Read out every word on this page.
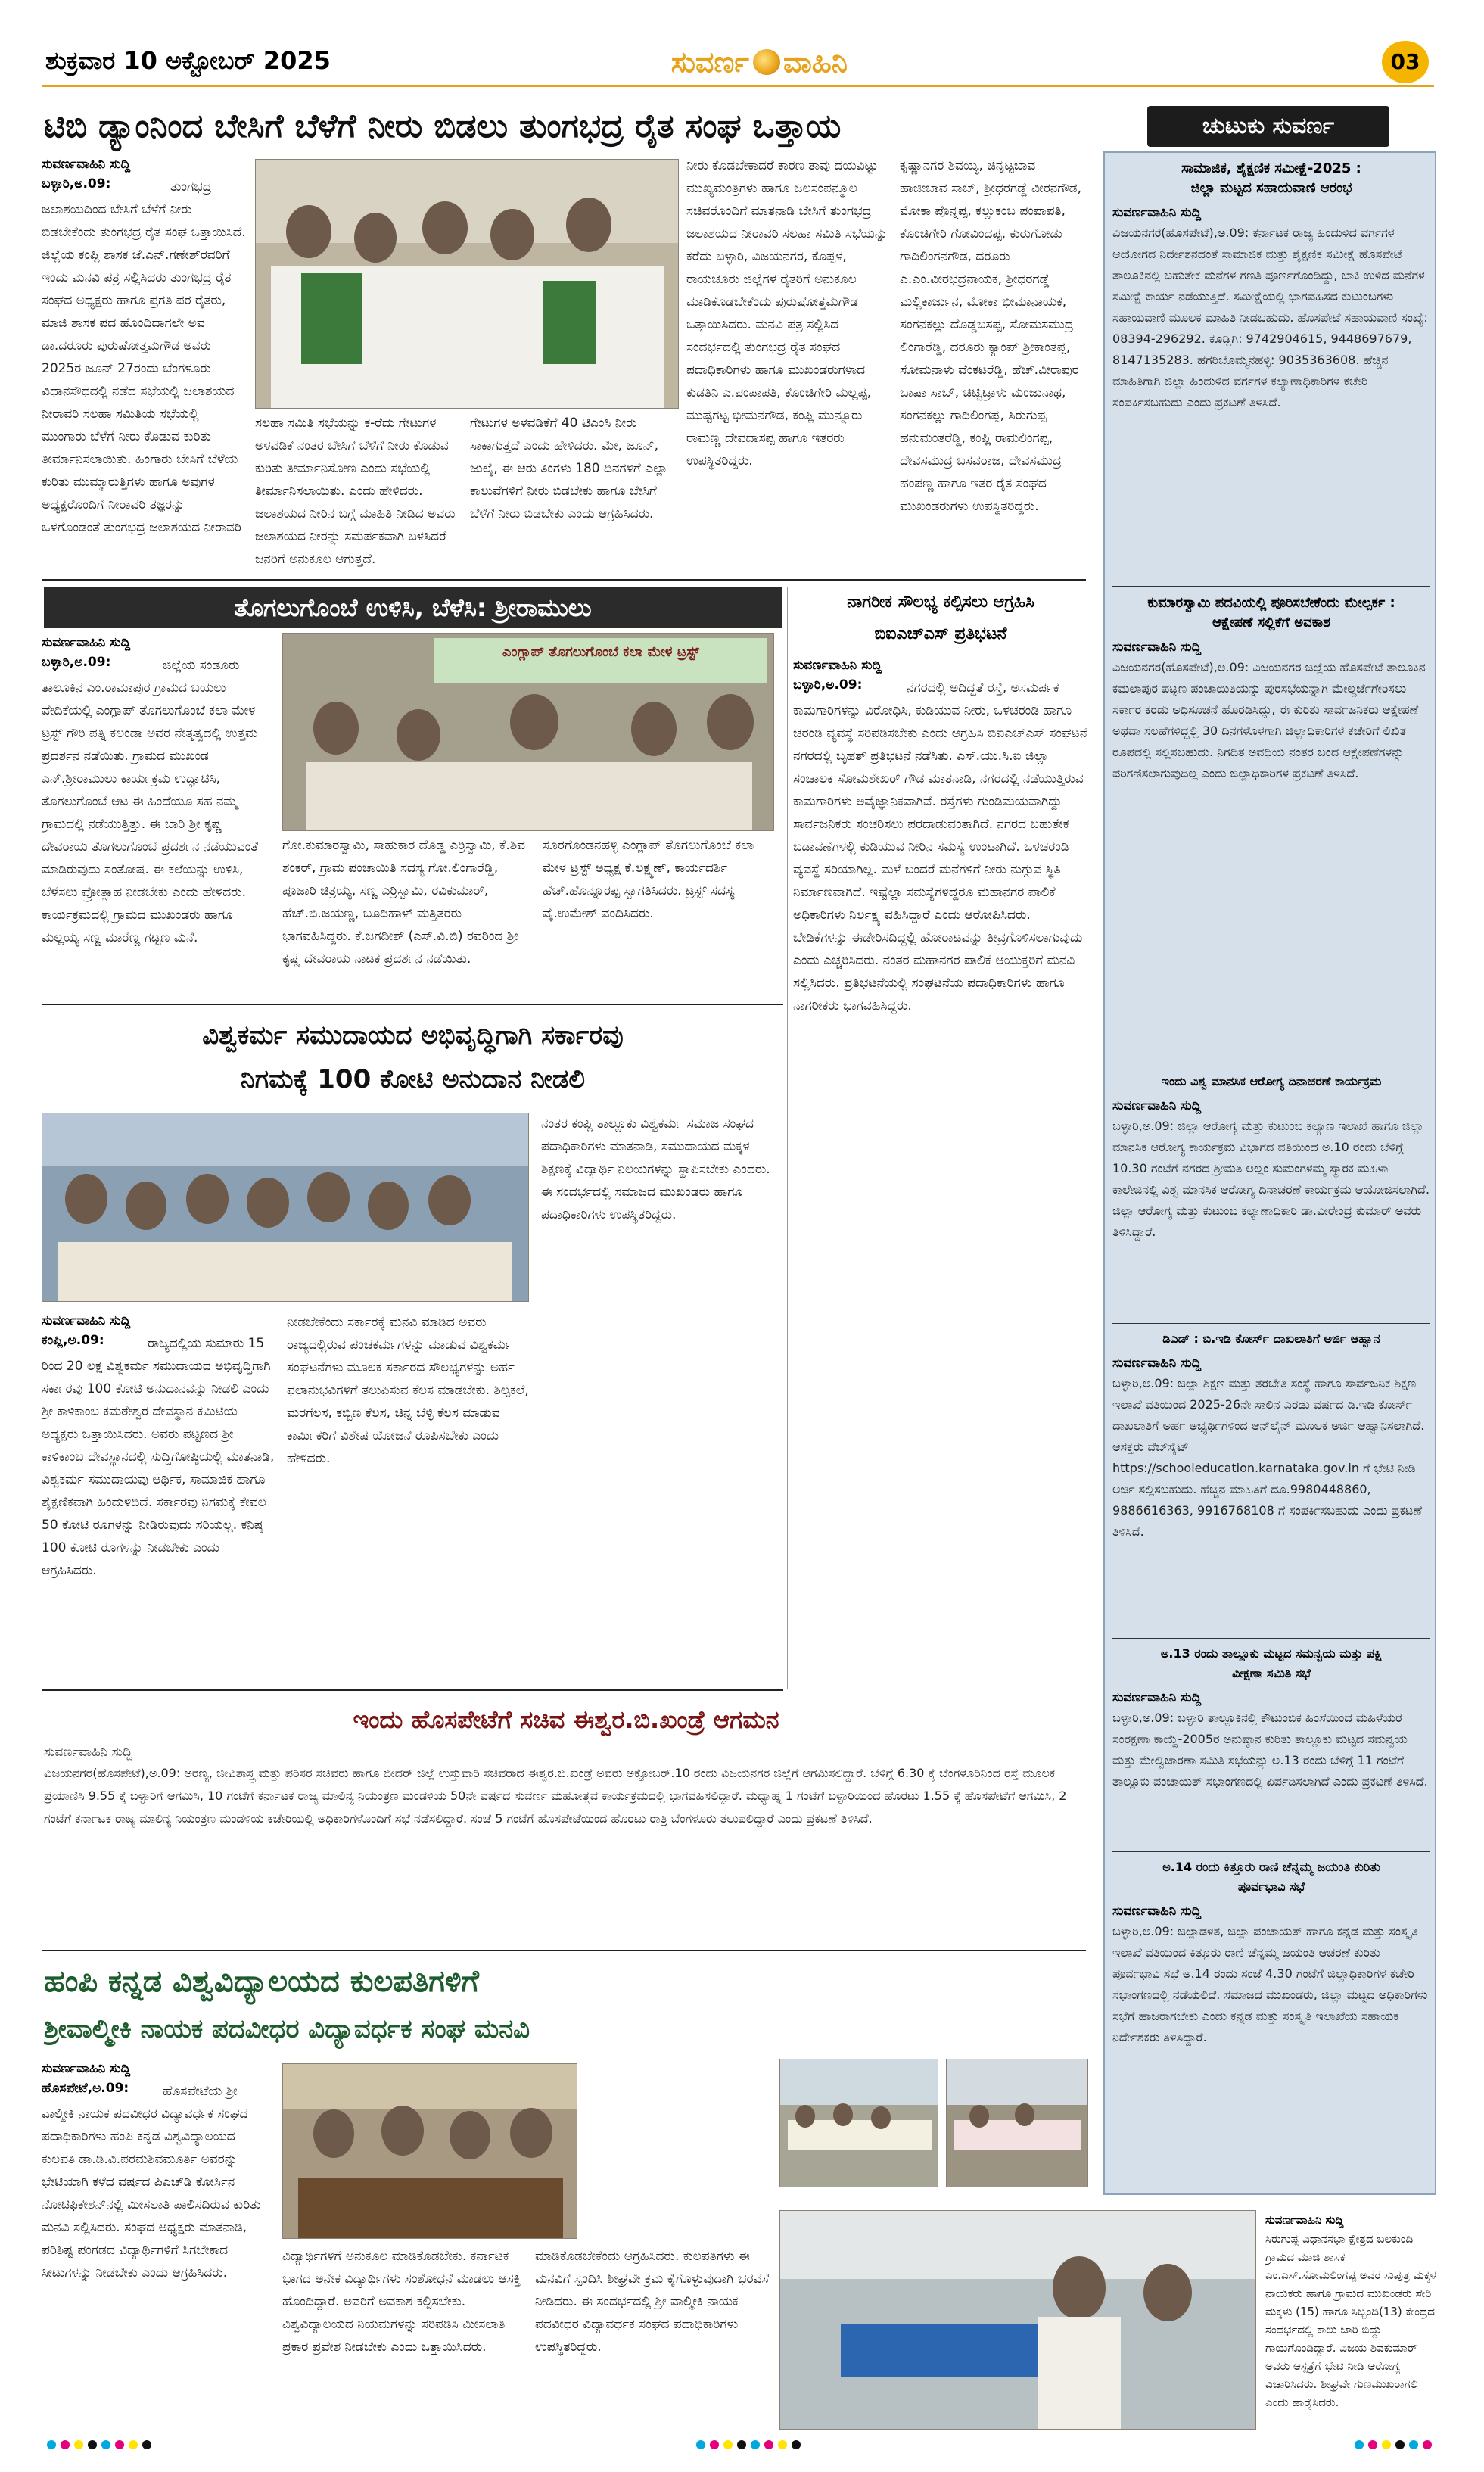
ಶುಕ್ರವಾರ 10 ಅಕ್ಟೋಬರ್ 2025	ಸುವರ್ಣ ವಾಹಿನಿ	03
ಟಿಬಿ ಡ್ಯಾಂನಿಂದ ಬೇಸಿಗೆ ಬೆಳೆಗೆ ನೀರು ಬಿಡಲು ತುಂಗಭದ್ರ ರೈತ ಸಂಘ ಒತ್ತಾಯ	ಚುಟುಕು ಸುವರ್ಣ
ಸುವರ್ಣವಾಹಿನಿ ಸುದ್ದಿ
ಬಳ್ಳಾರಿ,ಅ.09:	ತುಂಗಭದ್ರ ಜಲಾಶಯದಿಂದ ಬೇಸಿಗೆ ಬೆಳೆಗೆ ನೀರು ಬಿಡಬೇಕೆಂದು ತುಂಗಭದ್ರ ರೈತ ಸಂಘ ಒತ್ತಾಯಿಸಿದೆ. ಜಿಲ್ಲೆಯ ಕಂಪ್ಲಿ ಶಾಸಕ ಜೆ.ಎನ್.ಗಣೇಶ್‌ರವರಿಗೆ ಇಂದು ಮನವಿ ಪತ್ರ ಸಲ್ಲಿಸಿದರು ತುಂಗಭದ್ರ ರೈತ ಸಂಘದ ಅಧ್ಯಕ್ಷರು ಹಾಗೂ ಪ್ರಗತಿ ಪರ ರೈತರು, ಮಾಜಿ ಶಾಸಕ ಪದ ಹೊಂದಿದಾಗಲೇ ಅವ ಡಾ.ದರೂರು ಪುರುಷೋತ್ತಮಗೌಡ ಅವರು 2025ರ ಜೂನ್ 27ರಂದು ಬೆಂಗಳೂರು ವಿಧಾನಸೌಧದಲ್ಲಿ ನಡೆದ ಸಭೆಯಲ್ಲಿ ಜಲಾಶಯದ ನೀರಾವರಿ ಸಲಹಾ ಸಮಿತಿಯ ಸಭೆಯಲ್ಲಿ ಮುಂಗಾರು ಬೆಳೆಗೆ ನೀರು ಕೊಡುವ ಕುರಿತು ತೀರ್ಮಾನಿಸಲಾಯಿತು. ಹಿಂಗಾರು ಬೇಸಿಗೆ ಬೆಳೆಯ ಕುರಿತು ಮುಮ್ಮಾರುತ್ತಿಗಳು ಹಾಗೂ ಅವುಗಳ ಅಧ್ಯಕ್ಷರೊಂದಿಗೆ ನೀರಾವರಿ ತಜ್ಞರನ್ನು ಒಳಗೊಂಡಂತೆ ತುಂಗಭದ್ರ ಜಲಾಶಯದ ನೀರಾವರಿ
ಸಲಹಾ ಸಮಿತಿ ಸಭೆಯನ್ನು ಕ-ರೆದು ಗೇಟುಗಳ ಅಳವಡಿಕೆ ನಂತರ ಬೇಸಿಗೆ ಬೆಳೆಗೆ ನೀರು ಕೊಡುವ ಕುರಿತು ತೀರ್ಮಾನಿಸೋಣ ಎಂದು ಸಭೆಯಲ್ಲಿ ತೀರ್ಮಾನಿಸಲಾಯಿತು. ಎಂದು ಹೇಳಿದರು. ಜಲಾಶಯದ ನೀರಿನ ಬಗ್ಗೆ ಮಾಹಿತಿ ನೀಡಿದ ಅವರು ಜಲಾಶಯದ ನೀರನ್ನು ಸಮರ್ಪಕವಾಗಿ ಬಳಸಿದರೆ ಜನರಿಗೆ ಅನುಕೂಲ ಆಗುತ್ತದೆ.
ಗೇಟುಗಳ ಅಳವಡಿಕೆಗೆ 40 ಟಿಎಂಸಿ ನೀರು ಸಾಕಾಗುತ್ತದೆ ಎಂದು ಹೇಳಿದರು. ಮೇ, ಜೂನ್, ಜುಲೈ, ಈ ಆರು ತಿಂಗಳು 180 ದಿನಗಳಿಗೆ ಎಲ್ಲಾ ಕಾಲುವೆಗಳಿಗೆ ನೀರು ಬಿಡಬೇಕು ಹಾಗೂ ಬೇಸಿಗೆ ಬೆಳೆಗೆ ನೀರು ಬಿಡಬೇಕು ಎಂದು ಆಗ್ರಹಿಸಿದರು.
ನೀರು ಕೊಡಬೇಕಾದರೆ ಕಾರಣ ತಾವು ದಯವಿಟ್ಟು ಮುಖ್ಯಮಂತ್ರಿಗಳು ಹಾಗೂ ಜಲಸಂಪನ್ಮೂಲ ಸಚಿವರೊಂದಿಗೆ ಮಾತನಾಡಿ ಬೇಸಿಗೆ ತುಂಗಭದ್ರ ಜಲಾಶಯದ ನೀರಾವರಿ ಸಲಹಾ ಸಮಿತಿ ಸಭೆಯನ್ನು ಕರೆದು ಬಳ್ಳಾರಿ, ವಿಜಯನಗರ, ಕೊಪ್ಪಳ, ರಾಯಚೂರು ಜಿಲ್ಲೆಗಳ ರೈತರಿಗೆ ಅನುಕೂಲ ಮಾಡಿಕೊಡಬೇಕೆಂದು ಪುರುಷೋತ್ತಮಗೌಡ ಒತ್ತಾಯಿಸಿದರು. ಮನವಿ ಪತ್ರ ಸಲ್ಲಿಸಿದ ಸಂದರ್ಭದಲ್ಲಿ ತುಂಗಭದ್ರ ರೈತ ಸಂಘದ ಪದಾಧಿಕಾರಿಗಳು ಹಾಗೂ ಮುಖಂಡರುಗಳಾದ ಕುಡತಿನಿ ಎ.ಪಂಪಾಪತಿ, ಕೊಂಚಿಗೇರಿ ಮಲ್ಲಪ್ಪ, ಮುಷ್ಟಗಟ್ಟ ಭೀಮನಗೌಡ, ಕಂಪ್ಲಿ ಮುನ್ನೂರು ರಾಮಣ್ಣ ದೇವದಾಸಪ್ಪ ಹಾಗೂ ಇತರರು ಉಪಸ್ಥಿತರಿದ್ದರು.
ಕೃಷ್ಣಾನಗರ ಶಿವಯ್ಯ, ಚಿನ್ನಟ್ಟಬಾವ ಹಾಜೀಬಾವ ಸಾಬ್, ಶ್ರೀಧರಗಡ್ಡೆ ವೀರನಗೌಡ, ಮೋಕಾ ಪೊನ್ನಪ್ಪ, ಕಲ್ಲುಕಂಬ ಪಂಪಾಪತಿ, ಕೊಂಚಿಗೇರಿ ಗೋವಿಂದಪ್ಪ, ಕುರುಗೋಡು ಗಾದಿಲಿಂಗನಗೌಡ, ದರೂರು ಎ.ಎಂ.ವೀರಭದ್ರನಾಯಕ, ಶ್ರೀಧರಗಡ್ಡೆ ಮಲ್ಲಿಕಾರ್ಜುನ, ಮೋಕಾ ಭೀಮಾನಾಯಕ, ಸಂಗನಕಲ್ಲು ದೊಡ್ಡಬಸಪ್ಪ, ಸೋಮಸಮುದ್ರ ಲಿಂಗಾರೆಡ್ಡಿ, ದರೂರು ಕ್ಯಾಂಪ್ ಶ್ರೀಕಾಂತಪ್ಪ, ಸೋಮನಾಳು ವೆಂಕಟರೆಡ್ಡಿ, ಹೆಚ್.ವೀರಾಪುರ ಬಾಷಾ ಸಾಬ್, ಚಿಟ್ವಿಟ್ರಾಳು ಮಂಜುನಾಥ, ಸಂಗನಕಲ್ಲು ಗಾದಿಲಿಂಗಪ್ಪ, ಸಿರುಗುಪ್ಪ ಹನುಮಂತರೆಡ್ಡಿ, ಕಂಪ್ಲಿ ರಾಮಲಿಂಗಪ್ಪ, ದೇವಸಮುದ್ರ ಬಸವರಾಜ, ದೇವಸಮುದ್ರ ಹಂಪಣ್ಣ ಹಾಗೂ ಇತರ ರೈತ ಸಂಘದ ಮುಖಂಡರುಗಳು ಉಪಸ್ಥಿತರಿದ್ದರು.
ತೊಗಲುಗೊಂಬೆ ಉಳಿಸಿ, ಬೆಳೆಸಿ: ಶ್ರೀರಾಮುಲು
ಸುವರ್ಣವಾಹಿನಿ ಸುದ್ದಿ
ಬಳ್ಳಾರಿ,ಅ.09:	ಜಿಲ್ಲೆಯ ಸಂಡೂರು ತಾಲೂಕಿನ ಎಂ.ರಾಮಾಪುರ ಗ್ರಾಮದ ಬಯಲು ವೇದಿಕೆಯಲ್ಲಿ ಎಂಗ್ಲಾಪ್ ತೊಗಲುಗೊಂಬೆ ಕಲಾ ಮೇಳ ಟ್ರಸ್ಟ್ ಗೌರಿ ಪತ್ನಿ ಕಲಂಡಾ ಅವರ ನೇತೃತ್ವದಲ್ಲಿ ಉತ್ತಮ ಪ್ರದರ್ಶನ ನಡೆಯಿತು. ಗ್ರಾಮದ ಮುಖಂಡ ಎನ್.ಶ್ರೀರಾಮುಲು ಕಾರ್ಯಕ್ರಮ ಉದ್ಘಾಟಿಸಿ, ತೊಗಲುಗೊಂಬೆ ಆಟ ಈ ಹಿಂದೆಯೂ ಸಹ ನಮ್ಮ ಗ್ರಾಮದಲ್ಲಿ ನಡೆಯುತ್ತಿತ್ತು. ಈ ಬಾರಿ ಶ್ರೀ ಕೃಷ್ಣ ದೇವರಾಯ ತೊಗಲುಗೊಂಬೆ ಪ್ರದರ್ಶನ ನಡೆಯುವಂತೆ ಮಾಡಿರುವುದು ಸಂತೋಷ. ಈ ಕಲೆಯನ್ನು ಉಳಿಸಿ, ಬೆಳೆಸಲು ಪ್ರೋತ್ಸಾಹ ನೀಡಬೇಕು ಎಂದು ಹೇಳಿದರು. ಕಾರ್ಯಕ್ರಮದಲ್ಲಿ ಗ್ರಾಮದ ಮುಖಂಡರು ಹಾಗೂ ಮಲ್ಲಯ್ಯ ಸಣ್ಣ ಮಾರೆಣ್ಣ ಗಟ್ಟಣ ಮನೆ.
ಎಂಗ್ಲಾಪ್ ತೊಗಲುಗೊಂಬೆ ಕಲಾ ಮೇಳ ಟ್ರಸ್ಟ್
ಗೋ.ಕುಮಾರಸ್ವಾಮಿ, ಸಾಹುಕಾರ ದೊಡ್ಡ ಎರ್ರಿಸ್ವಾಮಿ, ಕೆ.ಶಿವ ಶಂಕರ್, ಗ್ರಾಮ ಪಂಚಾಯಿತಿ ಸದಸ್ಯ ಗೋ.ಲಿಂಗಾರೆಡ್ಡಿ, ಪೂಜಾರಿ ಚಿತ್ರಯ್ಯ, ಸಣ್ಣ ಎರ್ರಿಸ್ವಾಮಿ, ರವಿಕುಮಾರ್, ಹೆಚ್.ಬಿ.ಜಯಣ್ಣ, ಬೂದಿಹಾಳ್ ಮತ್ತಿತರರು ಭಾಗವಹಿಸಿದ್ದರು. ಕೆ.ಜಗದೀಶ್ (ಎಸ್.ವಿ.ಬಿ) ರವರಿಂದ ಶ್ರೀ ಕೃಷ್ಣ ದೇವರಾಯ ನಾಟಕ ಪ್ರದರ್ಶನ ನಡೆಯಿತು.
ಸೂರಗೊಂಡನಹಳ್ಳಿ ಎಂಗ್ಲಾಪ್ ತೊಗಲುಗೊಂಬೆ ಕಲಾ ಮೇಳ ಟ್ರಸ್ಟ್ ಅಧ್ಯಕ್ಷ ಕೆ.ಲಕ್ಷ್ಮಣ್, ಕಾರ್ಯದರ್ಶಿ ಹೆಚ್.ಹೊನ್ನೂರಪ್ಪ ಸ್ವಾಗತಿಸಿದರು. ಟ್ರಸ್ಟ್ ಸದಸ್ಯ ವೈ.ಉಮೇಶ್ ವಂದಿಸಿದರು.
ವಿಶ್ವಕರ್ಮ ಸಮುದಾಯದ ಅಭಿವೃದ್ಧಿಗಾಗಿ ಸರ್ಕಾರವು
ನಿಗಮಕ್ಕೆ 100 ಕೋಟಿ ಅನುದಾನ ನೀಡಲಿ
ಸುವರ್ಣವಾಹಿನಿ ಸುದ್ದಿ
ಕಂಪ್ಲಿ,ಅ.09:	ರಾಜ್ಯದಲ್ಲಿಯ ಸುಮಾರು 15 ರಿಂದ 20 ಲಕ್ಷ ವಿಶ್ವಕರ್ಮ ಸಮುದಾಯದ ಅಭಿವೃದ್ಧಿಗಾಗಿ ಸರ್ಕಾರವು 100 ಕೋಟಿ ಅನುದಾನವನ್ನು ನೀಡಲಿ ಎಂದು ಶ್ರೀ ಕಾಳಿಕಾಂಬ ಕಮಠೇಶ್ವರ ದೇವಸ್ಥಾನ ಕಮಿಟಿಯ ಅಧ್ಯಕ್ಷರು ಒತ್ತಾಯಿಸಿದರು. ಅವರು ಪಟ್ಟಣದ ಶ್ರೀ ಕಾಳಿಕಾಂಬ ದೇವಸ್ಥಾನದಲ್ಲಿ ಸುದ್ದಿಗೋಷ್ಠಿಯಲ್ಲಿ ಮಾತನಾಡಿ, ವಿಶ್ವಕರ್ಮ ಸಮುದಾಯವು ಆರ್ಥಿಕ, ಸಾಮಾಜಿಕ ಹಾಗೂ ಶೈಕ್ಷಣಿಕವಾಗಿ ಹಿಂದುಳಿದಿದೆ. ಸರ್ಕಾರವು ನಿಗಮಕ್ಕೆ ಕೇವಲ 50 ಕೋಟಿ ರೂಗಳನ್ನು ನೀಡಿರುವುದು ಸರಿಯಲ್ಲ. ಕನಿಷ್ಠ 100 ಕೋಟಿ ರೂಗಳನ್ನು ನೀಡಬೇಕು ಎಂದು ಆಗ್ರಹಿಸಿದರು.
ನೀಡಬೇಕೆಂದು ಸರ್ಕಾರಕ್ಕೆ ಮನವಿ ಮಾಡಿದ ಅವರು ರಾಜ್ಯದಲ್ಲಿರುವ ಪಂಚಕರ್ಮಗಳನ್ನು ಮಾಡುವ ವಿಶ್ವಕರ್ಮ ಸಂಘಟನೆಗಳು ಮೂಲಕ ಸರ್ಕಾರದ ಸೌಲಭ್ಯಗಳನ್ನು ಅರ್ಹ ಫಲಾನುಭವಿಗಳಿಗೆ ತಲುಪಿಸುವ ಕೆಲಸ ಮಾಡಬೇಕು. ಶಿಲ್ಪಕಲೆ, ಮರಗೆಲಸ, ಕಬ್ಬಿಣ ಕೆಲಸ, ಚಿನ್ನ ಬೆಳ್ಳಿ ಕೆಲಸ ಮಾಡುವ ಕಾರ್ಮಿಕರಿಗೆ ವಿಶೇಷ ಯೋಜನೆ ರೂಪಿಸಬೇಕು ಎಂದು ಹೇಳಿದರು.
ನಂತರ ಕಂಪ್ಲಿ ತಾಲ್ಲೂಕು ವಿಶ್ವಕರ್ಮ ಸಮಾಜ ಸಂಘದ ಪದಾಧಿಕಾರಿಗಳು ಮಾತನಾಡಿ, ಸಮುದಾಯದ ಮಕ್ಕಳ ಶಿಕ್ಷಣಕ್ಕೆ ವಿದ್ಯಾರ್ಥಿ ನಿಲಯಗಳನ್ನು ಸ್ಥಾಪಿಸಬೇಕು ಎಂದರು. ಈ ಸಂದರ್ಭದಲ್ಲಿ ಸಮಾಜದ ಮುಖಂಡರು ಹಾಗೂ ಪದಾಧಿಕಾರಿಗಳು ಉಪಸ್ಥಿತರಿದ್ದರು.
ಇಂದು ಹೊಸಪೇಟೆಗೆ ಸಚಿವ ಈಶ್ವರ.ಬಿ.ಖಂಡ್ರೆ ಆಗಮನ
ಸುವರ್ಣವಾಹಿನಿ ಸುದ್ದಿ
ವಿಜಯನಗರ(ಹೊಸಪೇಟೆ),ಅ.09: ಅರಣ್ಯ, ಜೀವಿಶಾಸ್ತ್ರ ಮತ್ತು ಪರಿಸರ ಸಚಿವರು ಹಾಗೂ ಬೀದರ್ ಜಿಲ್ಲೆ ಉಸ್ತುವಾರಿ ಸಚಿವರಾದ ಈಶ್ವರ.ಬಿ.ಖಂಡ್ರೆ ಅವರು ಅಕ್ಟೋಬರ್.10 ರಂದು ವಿಜಯನಗರ ಜಿಲ್ಲೆಗೆ ಆಗಮಿಸಲಿದ್ದಾರೆ. ಬೆಳಿಗ್ಗೆ 6.30 ಕ್ಕೆ ಬೆಂಗಳೂರಿನಿಂದ ರಸ್ತೆ ಮೂಲಕ ಪ್ರಯಾಣಿಸಿ 9.55 ಕ್ಕೆ ಬಳ್ಳಾರಿಗೆ ಆಗಮಿಸಿ, 10 ಗಂಟೆಗೆ ಕರ್ನಾಟಕ ರಾಜ್ಯ ಮಾಲಿನ್ಯ ನಿಯಂತ್ರಣ ಮಂಡಳಿಯ 50ನೇ ವರ್ಷದ ಸುವರ್ಣ ಮಹೋತ್ಸವ ಕಾರ್ಯಕ್ರಮದಲ್ಲಿ ಭಾಗವಹಿಸಲಿದ್ದಾರೆ. ಮಧ್ಯಾಹ್ನ 1 ಗಂಟೆಗೆ ಬಳ್ಳಾರಿಯಿಂದ ಹೊರಟು 1.55 ಕ್ಕೆ ಹೊಸಪೇಟೆಗೆ ಆಗಮಿಸಿ, 2 ಗಂಟೆಗೆ ಕರ್ನಾಟಕ ರಾಜ್ಯ ಮಾಲಿನ್ಯ ನಿಯಂತ್ರಣ ಮಂಡಳಿಯ ಕಚೇರಿಯಲ್ಲಿ ಅಧಿಕಾರಿಗಳೊಂದಿಗೆ ಸಭೆ ನಡೆಸಲಿದ್ದಾರೆ. ಸಂಜೆ 5 ಗಂಟೆಗೆ ಹೊಸಪೇಟೆಯಿಂದ ಹೊರಟು ರಾತ್ರಿ ಬೆಂಗಳೂರು ತಲುಪಲಿದ್ದಾರೆ ಎಂದು ಪ್ರಕಟಣೆ ತಿಳಿಸಿದೆ.
ಹಂಪಿ ಕನ್ನಡ ವಿಶ್ವವಿದ್ಯಾಲಯದ ಕುಲಪತಿಗಳಿಗೆ
ಶ್ರೀವಾಲ್ಮೀಕಿ ನಾಯಕ ಪದವೀಧರ ವಿದ್ಯಾವರ್ಧಕ ಸಂಘ ಮನವಿ
ಸುವರ್ಣವಾಹಿನಿ ಸುದ್ದಿ
ಹೊಸಪೇಟೆ,ಅ.09:	ಹೊಸಪೇಟೆಯ ಶ್ರೀ ವಾಲ್ಮೀಕಿ ನಾಯಕ ಪದವೀಧರ ವಿದ್ಯಾವರ್ಧಕ ಸಂಘದ ಪದಾಧಿಕಾರಿಗಳು ಹಂಪಿ ಕನ್ನಡ ವಿಶ್ವವಿದ್ಯಾಲಯದ ಕುಲಪತಿ ಡಾ.ಡಿ.ವಿ.ಪರಮಶಿವಮೂರ್ತಿ ಅವರನ್ನು ಭೇಟಿಯಾಗಿ ಕಳೆದ ವರ್ಷದ ಪಿಎಚ್‌ಡಿ ಕೋರ್ಸಿನ ನೋಟಿಫಿಕೇಶನ್‌ನಲ್ಲಿ ಮೀಸಲಾತಿ ಪಾಲಿಸದಿರುವ ಕುರಿತು ಮನವಿ ಸಲ್ಲಿಸಿದರು. ಸಂಘದ ಅಧ್ಯಕ್ಷರು ಮಾತನಾಡಿ, ಪರಿಶಿಷ್ಟ ಪಂಗಡದ ವಿದ್ಯಾರ್ಥಿಗಳಿಗೆ ಸಿಗಬೇಕಾದ ಸೀಟುಗಳನ್ನು ನೀಡಬೇಕು ಎಂದು ಆಗ್ರಹಿಸಿದರು.
ವಿದ್ಯಾರ್ಥಿಗಳಿಗೆ ಅನುಕೂಲ ಮಾಡಿಕೊಡಬೇಕು. ಕರ್ನಾಟಕ ಭಾಗದ ಅನೇಕ ವಿದ್ಯಾರ್ಥಿಗಳು ಸಂಶೋಧನೆ ಮಾಡಲು ಆಸಕ್ತಿ ಹೊಂದಿದ್ದಾರೆ. ಅವರಿಗೆ ಅವಕಾಶ ಕಲ್ಪಿಸಬೇಕು. ವಿಶ್ವವಿದ್ಯಾಲಯದ ನಿಯಮಗಳನ್ನು ಸರಿಪಡಿಸಿ ಮೀಸಲಾತಿ ಪ್ರಕಾರ ಪ್ರವೇಶ ನೀಡಬೇಕು ಎಂದು ಒತ್ತಾಯಿಸಿದರು.
ಮಾಡಿಕೊಡಬೇಕೆಂದು ಆಗ್ರಹಿಸಿದರು. ಕುಲಪತಿಗಳು ಈ ಮನವಿಗೆ ಸ್ಪಂದಿಸಿ ಶೀಘ್ರವೇ ಕ್ರಮ ಕೈಗೊಳ್ಳುವುದಾಗಿ ಭರವಸೆ ನೀಡಿದರು. ಈ ಸಂದರ್ಭದಲ್ಲಿ ಶ್ರೀ ವಾಲ್ಮೀಕಿ ನಾಯಕ ಪದವೀಧರ ವಿದ್ಯಾವರ್ಧಕ ಸಂಘದ ಪದಾಧಿಕಾರಿಗಳು ಉಪಸ್ಥಿತರಿದ್ದರು.
ನಾಗರೀಕ ಸೌಲಭ್ಯ ಕಲ್ಪಿಸಲು ಆಗ್ರಹಿಸಿ
ಬಿಐಎಚ್‌ಎಸ್ ಪ್ರತಿಭಟನೆ
ಸುವರ್ಣವಾಹಿನಿ ಸುದ್ದಿ
ಬಳ್ಳಾರಿ,ಅ.09:	ನಗರದಲ್ಲಿ ಅದಿದ್ದತೆ ರಸ್ತೆ, ಅಸಮರ್ಪಕ ಕಾಮಗಾರಿಗಳನ್ನು ವಿರೋಧಿಸಿ, ಕುಡಿಯುವ ನೀರು, ಒಳಚರಂಡಿ ಹಾಗೂ ಚರಂಡಿ ವ್ಯವಸ್ಥೆ ಸರಿಪಡಿಸಬೇಕು ಎಂದು ಆಗ್ರಹಿಸಿ ಬಿಐಎಚ್‌ಎಸ್ ಸಂಘಟನೆ ನಗರದಲ್ಲಿ ಬೃಹತ್ ಪ್ರತಿಭಟನೆ ನಡೆಸಿತು. ಎಸ್.ಯು.ಸಿ.ಐ ಜಿಲ್ಲಾ ಸಂಚಾಲಕ ಸೋಮಶೇಖರ್ ಗೌಡ ಮಾತನಾಡಿ, ನಗರದಲ್ಲಿ ನಡೆಯುತ್ತಿರುವ ಕಾಮಗಾರಿಗಳು ಅವೈಜ್ಞಾನಿಕವಾಗಿವೆ. ರಸ್ತೆಗಳು ಗುಂಡಿಮಯವಾಗಿದ್ದು ಸಾರ್ವಜನಿಕರು ಸಂಚರಿಸಲು ಪರದಾಡುವಂತಾಗಿದೆ. ನಗರದ ಬಹುತೇಕ ಬಡಾವಣೆಗಳಲ್ಲಿ ಕುಡಿಯುವ ನೀರಿನ ಸಮಸ್ಯೆ ಉಂಟಾಗಿದೆ. ಒಳಚರಂಡಿ ವ್ಯವಸ್ಥೆ ಸರಿಯಾಗಿಲ್ಲ. ಮಳೆ ಬಂದರೆ ಮನೆಗಳಿಗೆ ನೀರು ನುಗ್ಗುವ ಸ್ಥಿತಿ ನಿರ್ಮಾಣವಾಗಿದೆ. ಇಷ್ಟೆಲ್ಲಾ ಸಮಸ್ಯೆಗಳಿದ್ದರೂ ಮಹಾನಗರ ಪಾಲಿಕೆ ಅಧಿಕಾರಿಗಳು ನಿರ್ಲಕ್ಷ್ಯ ವಹಿಸಿದ್ದಾರೆ ಎಂದು ಆರೋಪಿಸಿದರು. ಬೇಡಿಕೆಗಳನ್ನು ಈಡೇರಿಸದಿದ್ದಲ್ಲಿ ಹೋರಾಟವನ್ನು ತೀವ್ರಗೊಳಿಸಲಾಗುವುದು ಎಂದು ಎಚ್ಚರಿಸಿದರು. ನಂತರ ಮಹಾನಗರ ಪಾಲಿಕೆ ಆಯುಕ್ತರಿಗೆ ಮನವಿ ಸಲ್ಲಿಸಿದರು. ಪ್ರತಿಭಟನೆಯಲ್ಲಿ ಸಂಘಟನೆಯ ಪದಾಧಿಕಾರಿಗಳು ಹಾಗೂ ನಾಗರೀಕರು ಭಾಗವಹಿಸಿದ್ದರು.
ಸುವರ್ಣವಾಹಿನಿ ಸುದ್ದಿ
ಸಿರುಗುಪ್ಪ ವಿಧಾನಸಭಾ ಕ್ಷೇತ್ರದ ಬಲಕುಂದಿ ಗ್ರಾಮದ ಮಾಜಿ ಶಾಸಕ ಎಂ.ಎಸ್.ಸೋಮಲಿಂಗಪ್ಪ ಅವರ ಸುಪುತ್ರ ಮಕ್ಕಳ ನಾಯಕರು ಹಾಗೂ ಗ್ರಾಮದ ಮುಖಂಡರು ಸೇರಿ ಮಕ್ಕಳು (15) ಹಾಗೂ ಸಿಬ್ಬಂದಿ(13) ಕೇಂದ್ರದ ಸಂದರ್ಭದಲ್ಲಿ ಕಾಲು ಜಾರಿ ಬಿದ್ದು ಗಾಯಗೊಂಡಿದ್ದಾರೆ. ವಿಜಯ ಶಿವಕುಮಾರ್ ಅವರು ಆಸ್ಪತ್ರೆಗೆ ಭೇಟಿ ನೀಡಿ ಆರೋಗ್ಯ ವಿಚಾರಿಸಿದರು. ಶೀಘ್ರವೇ ಗುಣಮುಖರಾಗಲಿ ಎಂದು ಹಾರೈಸಿದರು.
ಸಾಮಾಜಿಕ, ಶೈಕ್ಷಣಿಕ ಸಮೀಕ್ಷೆ-2025 :
ಜಿಲ್ಲಾ ಮಟ್ಟದ ಸಹಾಯವಾಣಿ ಆರಂಭ
ಸುವರ್ಣವಾಹಿನಿ ಸುದ್ದಿ
ವಿಜಯನಗರ(ಹೊಸಪೇಟೆ),ಅ.09: ಕರ್ನಾಟಕ ರಾಜ್ಯ ಹಿಂದುಳಿದ ವರ್ಗಗಳ ಆಯೋಗದ ನಿರ್ದೇಶನದಂತೆ ಸಾಮಾಜಿಕ ಮತ್ತು ಶೈಕ್ಷಣಿಕ ಸಮೀಕ್ಷೆ ಹೊಸಪೇಟೆ ತಾಲೂಕಿನಲ್ಲಿ ಬಹುತೇಕ ಮನೆಗಳ ಗಣತಿ ಪೂರ್ಣಗೊಂಡಿದ್ದು, ಬಾಕಿ ಉಳಿದ ಮನೆಗಳ ಸಮೀಕ್ಷೆ ಕಾರ್ಯ ನಡೆಯುತ್ತಿದೆ. ಸಮೀಕ್ಷೆಯಲ್ಲಿ ಭಾಗವಹಿಸದ ಕುಟುಂಬಗಳು ಸಹಾಯವಾಣಿ ಮೂಲಕ ಮಾಹಿತಿ ನೀಡಬಹುದು. ಹೊಸಪೇಟೆ ಸಹಾಯವಾಣಿ ಸಂಖ್ಯೆ: 08394-296292. ಕೂಡ್ಲಿಗಿ: 9742904615, 9448697679, 8147135283. ಹಗರಿಬೊಮ್ಮನಹಳ್ಳಿ: 9035363608. ಹೆಚ್ಚಿನ ಮಾಹಿತಿಗಾಗಿ ಜಿಲ್ಲಾ ಹಿಂದುಳಿದ ವರ್ಗಗಳ ಕಲ್ಯಾಣಾಧಿಕಾರಿಗಳ ಕಚೇರಿ ಸಂಪರ್ಕಿಸಬಹುದು ಎಂದು ಪ್ರಕಟಣೆ ತಿಳಿಸಿದೆ.
ಕುಮಾರಸ್ವಾಮಿ ಪದವಿಯಲ್ಲಿ ಪೂರಿಸಬೇಕೆಂದು ಮೇಲ್ಪರ್ಕ :
ಆಕ್ಷೇಪಣೆ ಸಲ್ಲಿಕೆಗೆ ಅವಕಾಶ
ಸುವರ್ಣವಾಹಿನಿ ಸುದ್ದಿ
ವಿಜಯನಗರ(ಹೊಸಪೇಟೆ),ಅ.09: ವಿಜಯನಗರ ಜಿಲ್ಲೆಯ ಹೊಸಪೇಟೆ ತಾಲೂಕಿನ ಕಮಲಾಪುರ ಪಟ್ಟಣ ಪಂಚಾಯಿತಿಯನ್ನು ಪುರಸಭೆಯನ್ನಾಗಿ ಮೇಲ್ದರ್ಜೆಗೇರಿಸಲು ಸರ್ಕಾರ ಕರಡು ಅಧಿಸೂಚನೆ ಹೊರಡಿಸಿದ್ದು, ಈ ಕುರಿತು ಸಾರ್ವಜನಿಕರು ಆಕ್ಷೇಪಣೆ ಅಥವಾ ಸಲಹೆಗಳಿದ್ದಲ್ಲಿ 30 ದಿನಗಳೊಳಗಾಗಿ ಜಿಲ್ಲಾಧಿಕಾರಿಗಳ ಕಚೇರಿಗೆ ಲಿಖಿತ ರೂಪದಲ್ಲಿ ಸಲ್ಲಿಸಬಹುದು. ನಿಗದಿತ ಅವಧಿಯ ನಂತರ ಬಂದ ಆಕ್ಷೇಪಣೆಗಳನ್ನು ಪರಿಗಣಿಸಲಾಗುವುದಿಲ್ಲ ಎಂದು ಜಿಲ್ಲಾಧಿಕಾರಿಗಳ ಪ್ರಕಟಣೆ ತಿಳಿಸಿದೆ.
ಇಂದು ವಿಶ್ವ ಮಾನಸಿಕ ಆರೋಗ್ಯ ದಿನಾಚರಣೆ ಕಾರ್ಯಕ್ರಮ
ಸುವರ್ಣವಾಹಿನಿ ಸುದ್ದಿ
ಬಳ್ಳಾರಿ,ಅ.09: ಜಿಲ್ಲಾ ಆರೋಗ್ಯ ಮತ್ತು ಕುಟುಂಬ ಕಲ್ಯಾಣ ಇಲಾಖೆ ಹಾಗೂ ಜಿಲ್ಲಾ ಮಾನಸಿಕ ಆರೋಗ್ಯ ಕಾರ್ಯಕ್ರಮ ವಿಭಾಗದ ವತಿಯಿಂದ ಅ.10 ರಂದು ಬೆಳಿಗ್ಗೆ 10.30 ಗಂಟೆಗೆ ನಗರದ ಶ್ರೀಮತಿ ಅಲ್ಲಂ ಸುಮಂಗಳಮ್ಮ ಸ್ಮಾರಕ ಮಹಿಳಾ ಕಾಲೇಜಿನಲ್ಲಿ ವಿಶ್ವ ಮಾನಸಿಕ ಆರೋಗ್ಯ ದಿನಾಚರಣೆ ಕಾರ್ಯಕ್ರಮ ಆಯೋಜಿಸಲಾಗಿದೆ. ಜಿಲ್ಲಾ ಆರೋಗ್ಯ ಮತ್ತು ಕುಟುಂಬ ಕಲ್ಯಾಣಾಧಿಕಾರಿ ಡಾ.ವೀರೇಂದ್ರ ಕುಮಾರ್ ಅವರು ತಿಳಿಸಿದ್ದಾರೆ.
ಡಿಎಡ್ : ಬಿ.ಇಡಿ ಕೋರ್ಸ್ ದಾಖಲಾತಿಗೆ ಅರ್ಜಿ ಆಹ್ವಾನ
ಸುವರ್ಣವಾಹಿನಿ ಸುದ್ದಿ
ಬಳ್ಳಾರಿ,ಅ.09: ಜಿಲ್ಲಾ ಶಿಕ್ಷಣ ಮತ್ತು ತರಬೇತಿ ಸಂಸ್ಥೆ ಹಾಗೂ ಸಾರ್ವಜನಿಕ ಶಿಕ್ಷಣ ಇಲಾಖೆ ವತಿಯಿಂದ 2025-26ನೇ ಸಾಲಿನ ಎರಡು ವರ್ಷದ ಡಿ.ಇಡಿ ಕೋರ್ಸ್ ದಾಖಲಾತಿಗೆ ಅರ್ಹ ಅಭ್ಯರ್ಥಿಗಳಿಂದ ಆನ್‌ಲೈನ್ ಮೂಲಕ ಅರ್ಜಿ ಆಹ್ವಾನಿಸಲಾಗಿದೆ. ಆಸಕ್ತರು ವೆಬ್‌ಸೈಟ್ https://schooleducation.karnataka.gov.in ಗೆ ಭೇಟಿ ನೀಡಿ ಅರ್ಜಿ ಸಲ್ಲಿಸಬಹುದು. ಹೆಚ್ಚಿನ ಮಾಹಿತಿಗೆ ದೂ.9980448860, 9886616363, 9916768108 ಗೆ ಸಂಪರ್ಕಿಸಬಹುದು ಎಂದು ಪ್ರಕಟಣೆ ತಿಳಿಸಿದೆ.
ಅ.13 ರಂದು ತಾಲ್ಲೂಕು ಮಟ್ಟದ ಸಮನ್ವಯ ಮತ್ತು ಪಕ್ಷಿ
ವೀಕ್ಷಣಾ ಸಮಿತಿ ಸಭೆ
ಸುವರ್ಣವಾಹಿನಿ ಸುದ್ದಿ
ಬಳ್ಳಾರಿ,ಅ.09: ಬಳ್ಳಾರಿ ತಾಲ್ಲೂಕಿನಲ್ಲಿ ಕೌಟುಂಬಿಕ ಹಿಂಸೆಯಿಂದ ಮಹಿಳೆಯರ ಸಂರಕ್ಷಣಾ ಕಾಯ್ದೆ-2005ರ ಅನುಷ್ಠಾನ ಕುರಿತು ತಾಲ್ಲೂಕು ಮಟ್ಟದ ಸಮನ್ವಯ ಮತ್ತು ಮೇಲ್ವಿಚಾರಣಾ ಸಮಿತಿ ಸಭೆಯನ್ನು ಅ.13 ರಂದು ಬೆಳಿಗ್ಗೆ 11 ಗಂಟೆಗೆ ತಾಲ್ಲೂಕು ಪಂಚಾಯತ್ ಸಭಾಂಗಣದಲ್ಲಿ ಏರ್ಪಡಿಸಲಾಗಿದೆ ಎಂದು ಪ್ರಕಟಣೆ ತಿಳಿಸಿದೆ.
ಅ.14 ರಂದು ಕಿತ್ತೂರು ರಾಣಿ ಚೆನ್ನಮ್ಮ ಜಯಂತಿ ಕುರಿತು
ಪೂರ್ವಭಾವಿ ಸಭೆ
ಸುವರ್ಣವಾಹಿನಿ ಸುದ್ದಿ
ಬಳ್ಳಾರಿ,ಅ.09: ಜಿಲ್ಲಾಡಳಿತ, ಜಿಲ್ಲಾ ಪಂಚಾಯತ್ ಹಾಗೂ ಕನ್ನಡ ಮತ್ತು ಸಂಸ್ಕೃತಿ ಇಲಾಖೆ ವತಿಯಿಂದ ಕಿತ್ತೂರು ರಾಣಿ ಚೆನ್ನಮ್ಮ ಜಯಂತಿ ಆಚರಣೆ ಕುರಿತು ಪೂರ್ವಭಾವಿ ಸಭೆ ಅ.14 ರಂದು ಸಂಜೆ 4.30 ಗಂಟೆಗೆ ಜಿಲ್ಲಾಧಿಕಾರಿಗಳ ಕಚೇರಿ ಸಭಾಂಗಣದಲ್ಲಿ ನಡೆಯಲಿದೆ. ಸಮಾಜದ ಮುಖಂಡರು, ಜಿಲ್ಲಾ ಮಟ್ಟದ ಅಧಿಕಾರಿಗಳು ಸಭೆಗೆ ಹಾಜರಾಗಬೇಕು ಎಂದು ಕನ್ನಡ ಮತ್ತು ಸಂಸ್ಕೃತಿ ಇಲಾಖೆಯ ಸಹಾಯಕ ನಿರ್ದೇಶಕರು ತಿಳಿಸಿದ್ದಾರೆ.
